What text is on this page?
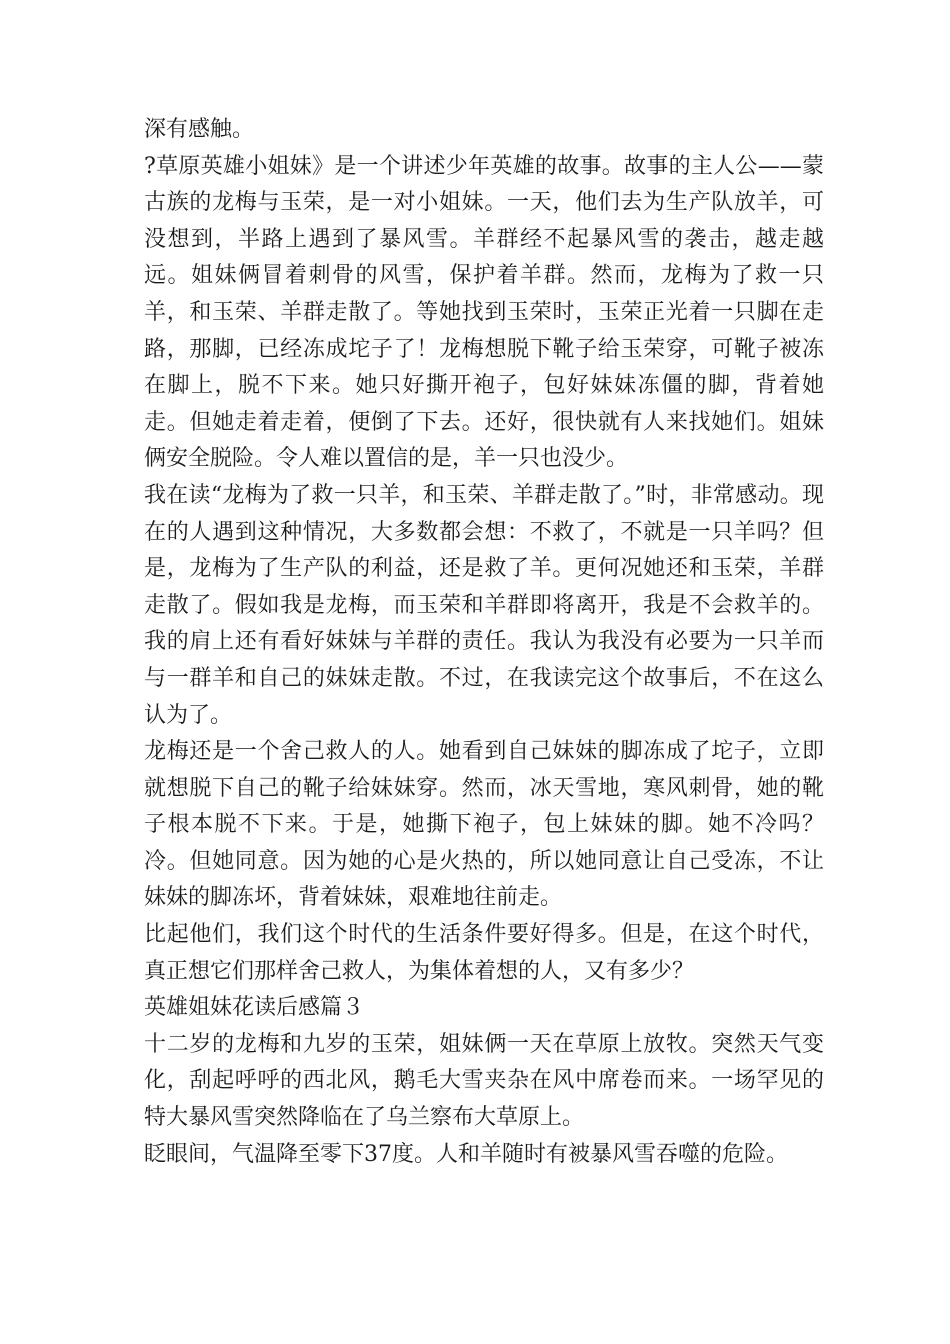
深有感触。

?草原英雄小姐妹》是一个讲述少年英雄的故事。故事的主人公——蒙古族的龙梅与玉荣，是一对小姐妹。一天，他们去为生产队放羊，可没想到，半路上遇到了暴风雪。羊群经不起暴风雪的袭击，越走越远。姐妹俩冒着刺骨的风雪，保护着羊群。然而，龙梅为了救一只羊，和玉荣、羊群走散了。等她找到玉荣时，玉荣正光着一只脚在走路，那脚，已经冻成坨子了！龙梅想脱下靴子给玉荣穿，可靴子被冻在脚上，脱不下来。她只好撕开袍子，包好妹妹冻僵的脚，背着她走。但她走着走着，便倒了下去。还好，很快就有人来找她们。姐妹俩安全脱险。令人难以置信的是，羊一只也没少。

我在读“龙梅为了救一只羊，和玉荣、羊群走散了。”时，非常感动。现在的人遇到这种情况，大多数都会想：不救了，不就是一只羊吗？但是，龙梅为了生产队的利益，还是救了羊。更何况她还和玉荣，羊群走散了。假如我是龙梅，而玉荣和羊群即将离开，我是不会救羊的。我的肩上还有看好妹妹与羊群的责任。我认为我没有必要为一只羊而与一群羊和自己的妹妹走散。不过，在我读完这个故事后，不在这么认为了。

龙梅还是一个舍己救人的人。她看到自己妹妹的脚冻成了坨子，立即就想脱下自己的靴子给妹妹穿。然而，冰天雪地，寒风刺骨，她的靴子根本脱不下来。于是，她撕下袍子，包上妹妹的脚。她不冷吗？冷。但她同意。因为她的心是火热的，所以她同意让自己受冻，不让妹妹的脚冻坏，背着妹妹，艰难地往前走。

比起他们，我们这个时代的生活条件要好得多。但是，在这个时代，真正想它们那样舍己救人，为集体着想的人，又有多少？

英雄姐妹花读后感篇３

十二岁的龙梅和九岁的玉荣，姐妹俩一天在草原上放牧。突然天气变化，刮起呼呼的西北风，鹅毛大雪夹杂在风中席卷而来。一场罕见的特大暴风雪突然降临在了乌兰察布大草原上。

眨眼间，气温降至零下37度。人和羊随时有被暴风雪吞噬的危险。
